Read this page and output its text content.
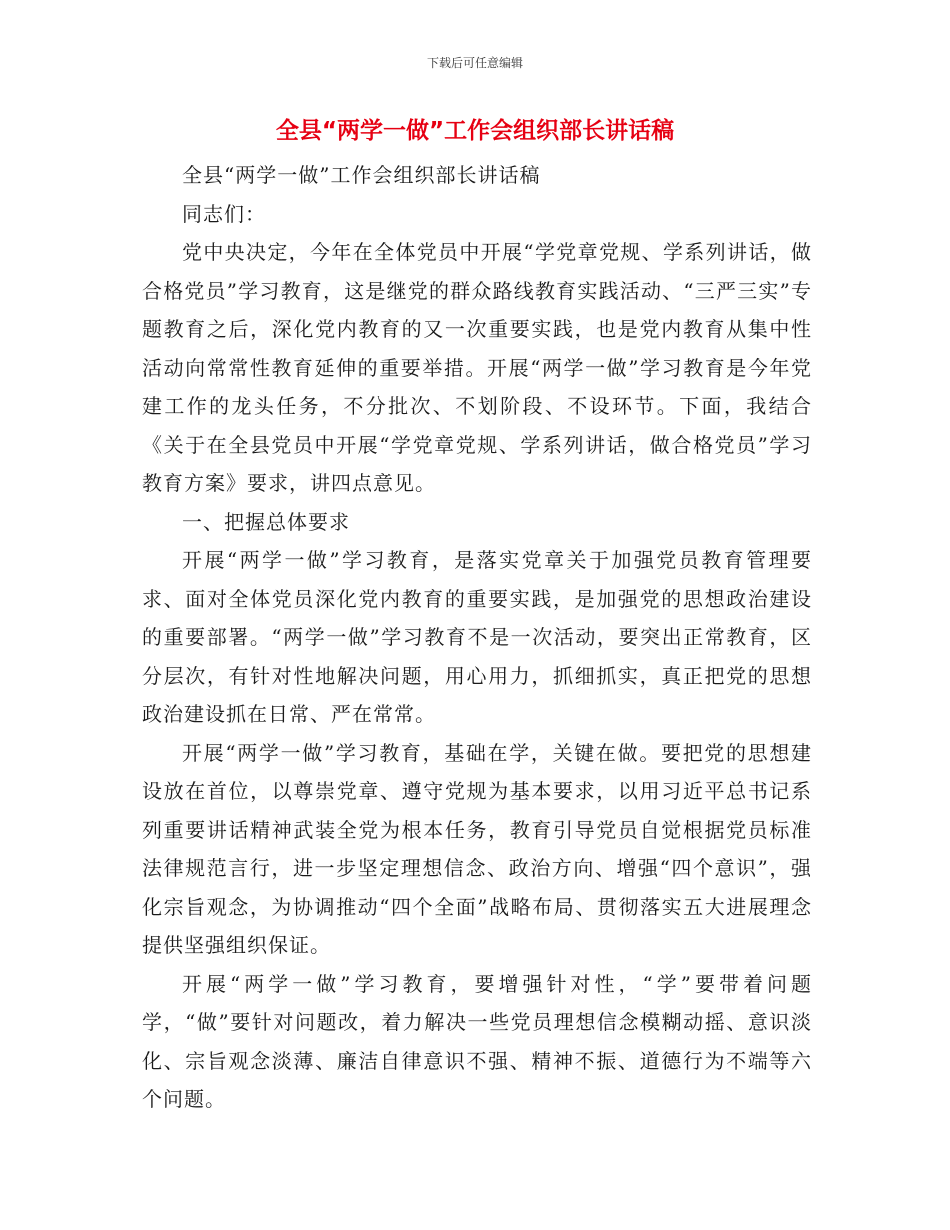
下载后可任意编辑
全县“两学一做”工作会组织部长讲话稿

全县“两学一做”工作会组织部长讲话稿

同志们：

党中央决定，今年在全体党员中开展“学党章党规、学系列讲话，做合格党员”学习教育，这是继党的群众路线教育实践活动、“三严三实”专题教育之后，深化党内教育的又一次重要实践，也是党内教育从集中性活动向常常性教育延伸的重要举措。开展“两学一做”学习教育是今年党建工作的龙头任务，不分批次、不划阶段、不设环节。下面，我结合《关于在全县党员中开展“学党章党规、学系列讲话，做合格党员”学习教育方案》要求，讲四点意见。

一、把握总体要求

开展“两学一做”学习教育，是落实党章关于加强党员教育管理要求、面对全体党员深化党内教育的重要实践，是加强党的思想政治建设的重要部署。“两学一做”学习教育不是一次活动，要突出正常教育，区分层次，有针对性地解决问题，用心用力，抓细抓实，真正把党的思想政治建设抓在日常、严在常常。

开展“两学一做”学习教育，基础在学，关键在做。要把党的思想建设放在首位，以尊崇党章、遵守党规为基本要求，以用习近平总书记系列重要讲话精神武装全党为根本任务，教育引导党员自觉根据党员标准法律规范言行，进一步坚定理想信念、政治方向、增强“四个意识”，强化宗旨观念，为协调推动“四个全面”战略布局、贯彻落实五大进展理念提供坚强组织保证。

开展“两学一做”学习教育，要增强针对性，“学”要带着问题学，“做”要针对问题改，着力解决一些党员理想信念模糊动摇、意识淡化、宗旨观念淡薄、廉洁自律意识不强、精神不振、道德行为不端等六个问题。
